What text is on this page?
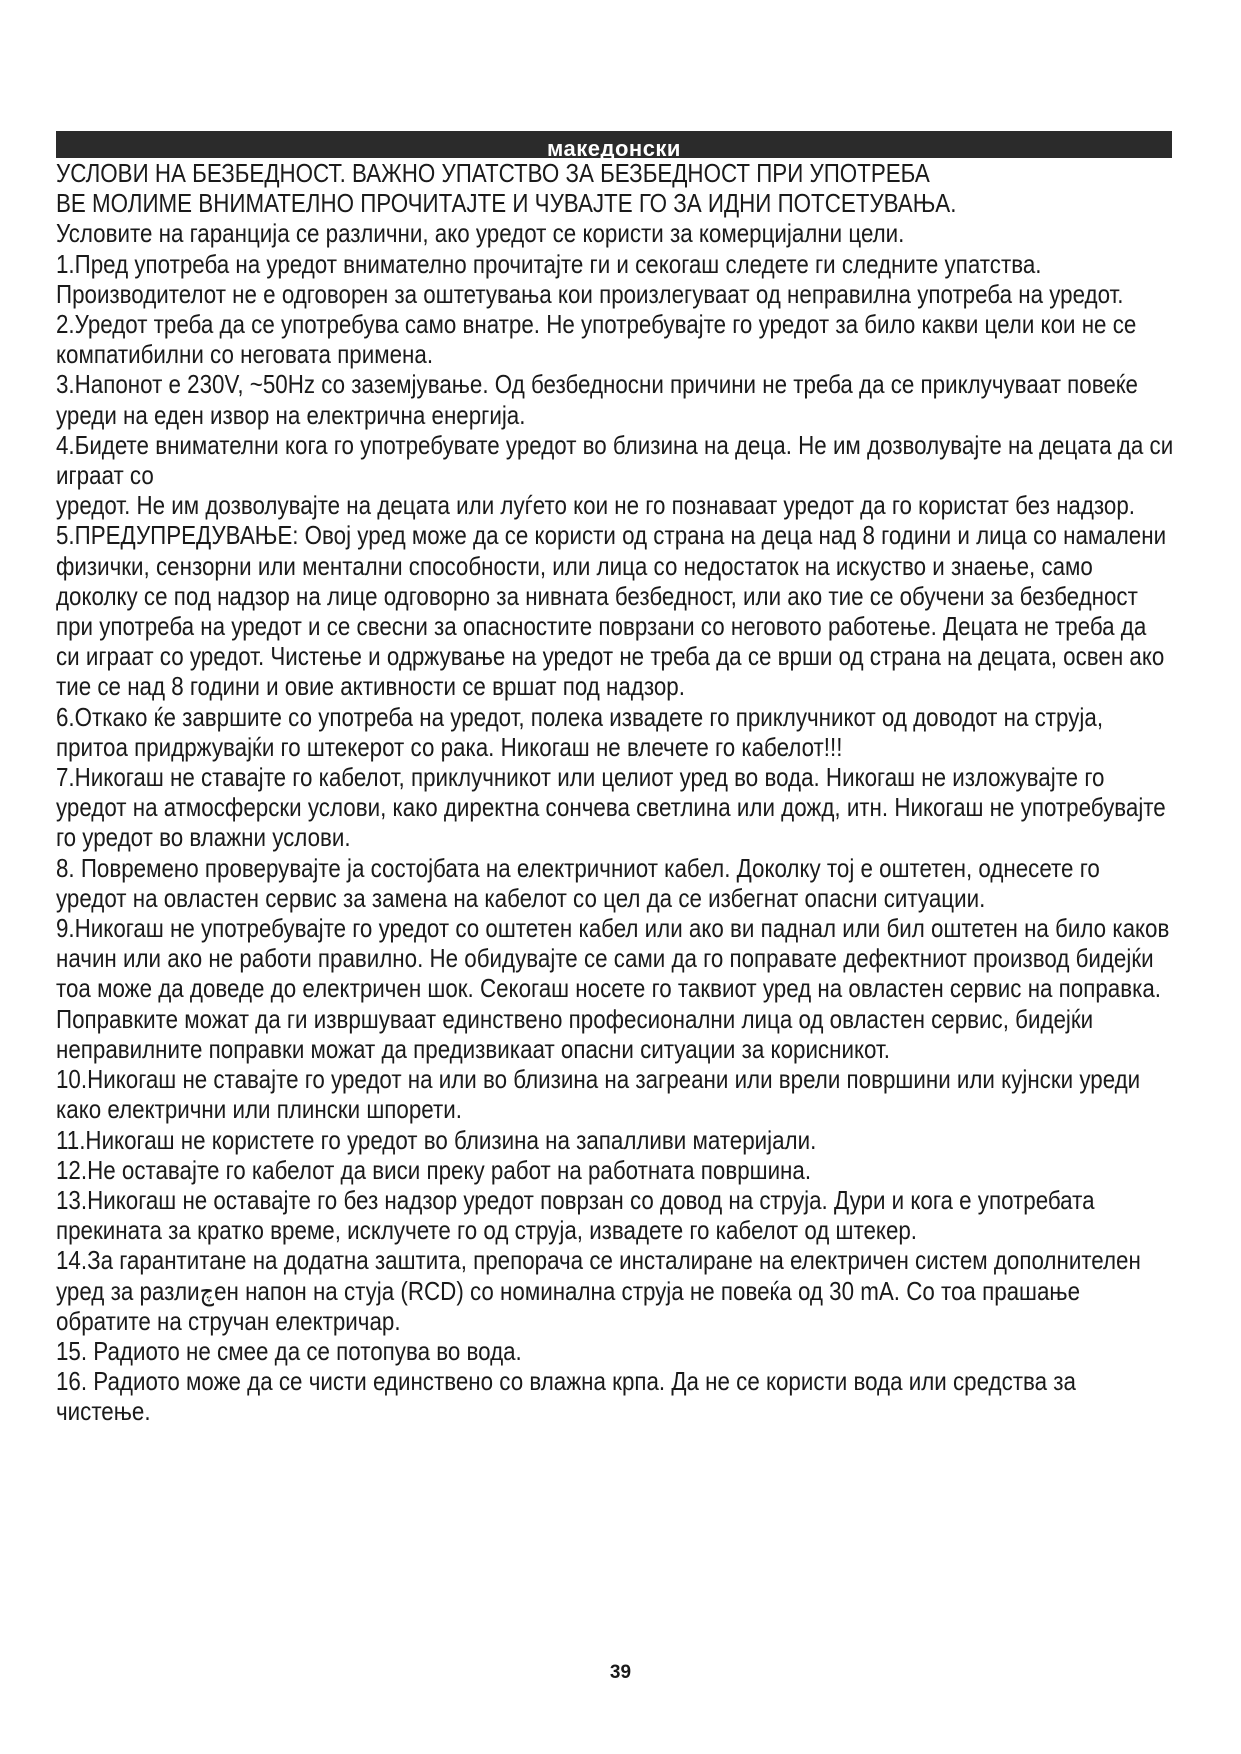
македонски

УСЛОВИ НА БЕЗБЕДНОСТ. ВАЖНО УПАТСТВО ЗА БЕЗБЕДНОСТ ПРИ УПОТРЕБА

ВЕ МОЛИМЕ ВНИМАТЕЛНО ПРОЧИТАЈТЕ И ЧУВАЈТЕ ГО ЗА ИДНИ ПОТСЕТУВАЊА.

Условите на гаранција се различни, ако уредот се користи за комерцијални цели.

1.Пред употреба на уредот внимателно прочитајте ги и секогаш следете ги следните упатства. Производителот не е одговорен за оштетувања кои произлегуваат од неправилна употреба на уредот.

2.Уредот треба да се употребува само внатре. Не употребувајте го уредот за било какви цели кои не се компатибилни со неговата примена.

3.Напонот е 230V, ~50Hz со заземјување. Од безбедносни причини не треба да се приклучуваат повеќе уреди на еден извор на електрична енергија.

4.Бидете внимателни кога го употребувате уредот во близина на деца. Не им дозволувајте на децата да си играат со

уредот. Не им дозволувајте на децата или луѓето кои не го познаваат уредот да го користат без надзор.

5.ПРЕДУПРЕДУВАЊЕ: Овој уред може да се користи од страна на деца над 8 години и лица со намалени физички, сензорни или ментални способности, или лица со недостаток на искуство и знаење, само доколку се под надзор на лице одговорно за нивната безбедност, или ако тие се обучени за безбедност при употреба на уредот и се свесни за опасностите поврзани со неговото работење. Децата не треба да си играат со уредот. Чистење и одржување на уредот не треба да се врши од страна на децата, освен ако тие се над 8 години и овие активности се вршат под надзор.

6.Откако ќе завршите со употреба на уредот, полека извадете го приклучникот од доводот на струја, притоа придржувајќи го штекерот со рака. Никогаш не влечете го кабелот!!!

7.Никогаш не ставајте го кабелот, приклучникот или целиот уред во вода. Никогаш не изложувајте го уредот на атмосферски услови, како директна сончева светлина или дожд, итн. Никогаш не употребувајте го уредот во влажни услови.

8. Повремено проверувајте ја состојбата на електричниот кабел. Доколку тој е оштетен, однесете го уредот на овластен сервис за замена на кабелот со цел да се избегнат опасни ситуации.

9.Никогаш не употребувајте го уредот со оштетен кабел или ако ви паднал или бил оштетен на било каков начин или ако не работи правилно. Не обидувајте се сами да го поправате дефектниот производ бидејќи тоа може да доведе до електричен шок. Секогаш носете го таквиот уред на овластен сервис на поправка. Поправките можат да ги извршуваат единствено професионални лица од овластен сервис, бидејќи неправилните поправки можат да предизвикаат опасни ситуации за корисникот.

10.Никогаш не ставајте го уредот на или во близина на загреани или врели површини или кујнски уреди како електрични или плински шпорети.

11.Никогаш не користете го уредот во близина на запалливи материјали.

12.Не оставајте го кабелот да виси преку работ на работната површина.

13.Никогаш не оставајте го без надзор уредот поврзан со довод на струја. Дури и кога е употребата прекината за кратко време, исклучете го од струја, извадете го кабелот од штекер.

14.За гарантитане на додатна заштита, препорача се инсталиране на електричен систем дополнителен уред за разлиچен напон на стуја (RCD) со номинална струја не повеќа од 30 mA. Со тоа прашање обратите на стручан електричар.

15. Радиото не смее да се потопува во вода.

16. Радиото може да се чисти единствено со влажна крпа. Да не се користи вода или средства за чистење.

39
